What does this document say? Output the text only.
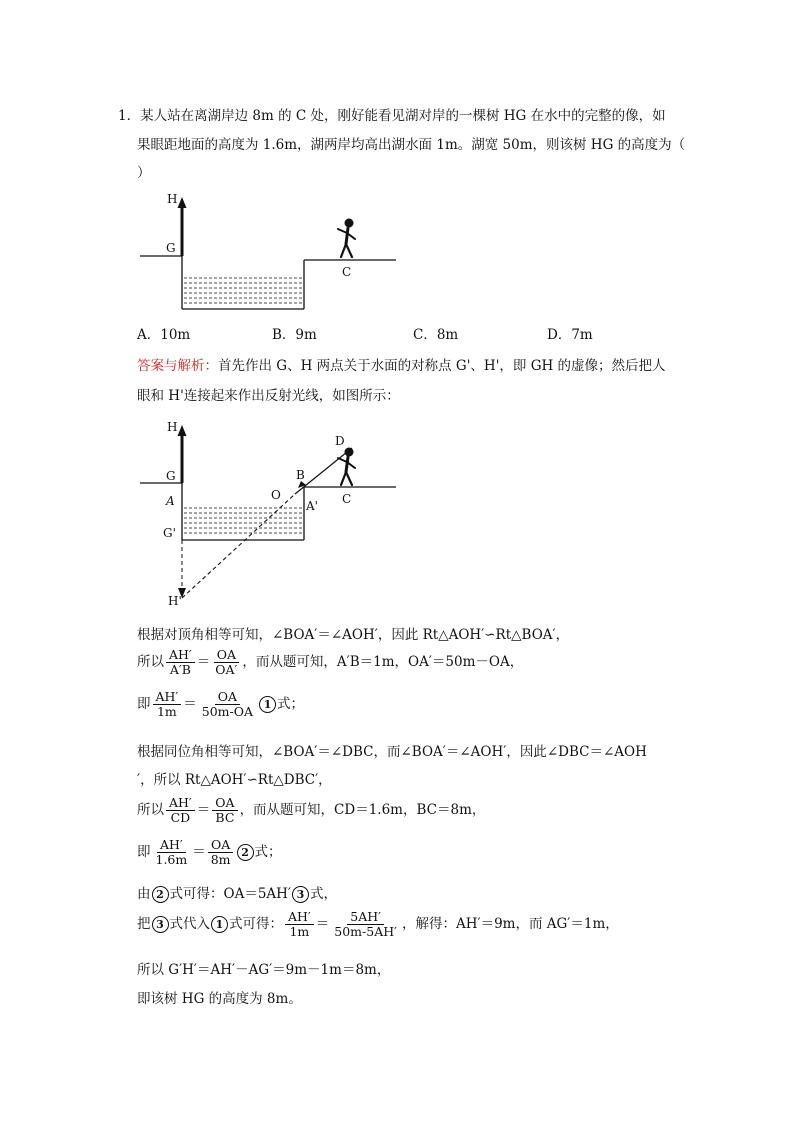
1．某人站在离湖岸边 8m 的 C 处，刚好能看见湖对岸的一棵树 HG 在水中的完整的像，如
果眼距地面的高度为 1.6m，湖两岸均高出湖水面 1m。湖宽 50m，则该树 HG 的高度为（
）
H
G
C
A．10m	B．9m	C．8m	D．7m
答案与解析：首先作出 G、H 两点关于水面的对称点 G'、H'，即 GH 的虚像；然后把人
眼和 H'连接起来作出反射光线，如图所示：
H
G
A
G'
H'
O
B
A'
D
C
根据对顶角相等可知，∠BOA′＝∠AOH′，因此 Rt△AOH′∽Rt△BOA′，
所以 $\frac{AH'}{A'B} = \frac{OA}{OA'}$ ，而从题可知，A′B＝1m，OA′＝50m－OA，
即 $\frac{AH'}{1m} = \frac{OA}{50m-OA} 1$ 式；
根据同位角相等可知，∠BOA′＝∠DBC，而∠BOA′＝∠AOH′，因此∠DBC＝∠AOH
′，所以 Rt△AOH′∽Rt△DBC′，
所以 $\frac{AH'}{CD} = \frac{OA}{BC}$ ，而从题可知，CD＝1.6m，BC＝8m，
即 $\frac{AH'}{1.6m} = \frac{OA}{8m} 2$ 式；
由 2 式可得：OA＝5AH′ 3 式，
把 3 式代入 1 式可得： $\frac{AH'}{1m} = \frac{5AH'}{50m-5AH'}$ ，解得：AH′＝9m，而 AG′＝1m，
所以 G′H′＝AH′－AG′＝9m－1m＝8m，
即该树 HG 的高度为 8m。
